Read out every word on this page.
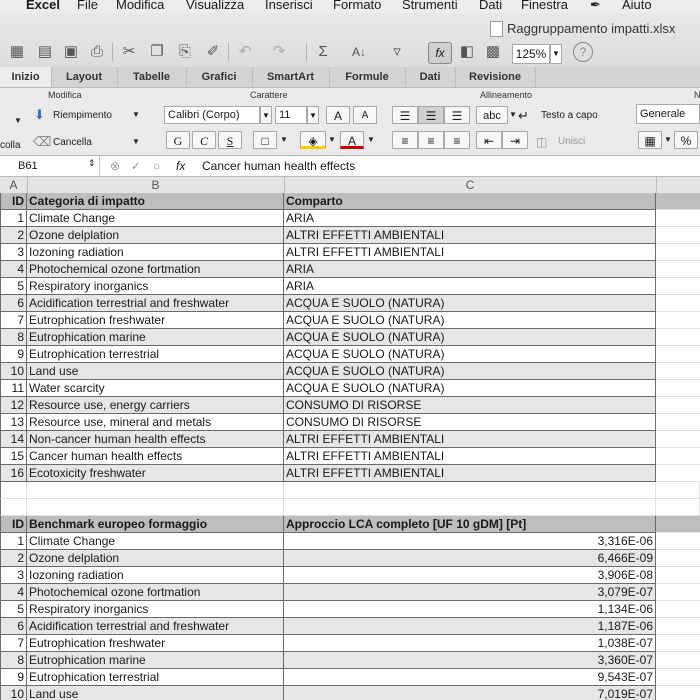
Excel File Modifica Visualizza Inserisci Formato Strumenti Dati Finestra ✒ Aiuto
Raggruppamento impatti.xlsx
▦ ▤ ▣ ⎙ ✂ ❐ ⎘ ✐ ↶ ↷ Σ	A↓	▿	fx	◧ ▩	125% ▼	?
Inizio	Layout	Tabelle	Grafici	SmartArt	Formule	Dati	Revisione
Modifica	Carattere	Allineamento	N
colla
▼ ⬇ Riempimento	▼
⌫ Cancella	▼
Calibri (Corpo)	▼ 11	▼	A	A
G	C	S	□	▼	◈	▼	A	▼
☰	☰	☰	abc	▼ ↵ Testo a capo
≡	≡	≡	⇤	⇥	◫ Unisci
Generale
▦	▼ %
B61	⇕ ⊗ ✓ ○ fx Cancer human health effects
A	B	C
ID Categoria di impatto	Comparto
1 Climate Change	ARIA
2 Ozone delplation	ALTRI EFFETTI AMBIENTALI
3 Iozoning radiation	ALTRI EFFETTI AMBIENTALI
4 Photochemical ozone fortmation	ARIA
5 Respiratory inorganics	ARIA
6 Acidification terrestrial and freshwater	ACQUA E SUOLO (NATURA)
7 Eutrophication freshwater	ACQUA E SUOLO (NATURA)
8 Eutrophication marine	ACQUA E SUOLO (NATURA)
9 Eutrophication terrestrial	ACQUA E SUOLO (NATURA)
10 Land use	ACQUA E SUOLO (NATURA)
11 Water scarcity	ACQUA E SUOLO (NATURA)
12 Resource use, energy carriers	CONSUMO DI RISORSE
13 Resource use, mineral and metals	CONSUMO DI RISORSE
14 Non-cancer human health effects	ALTRI EFFETTI AMBIENTALI
15 Cancer human health effects	ALTRI EFFETTI AMBIENTALI
16 Ecotoxicity freshwater	ALTRI EFFETTI AMBIENTALI
ID Benchmark europeo formaggio	Approccio LCA completo [UF 10 gDM] [Pt]
1 Climate Change	3,316E-06
2 Ozone delplation	6,466E-09
3 Iozoning radiation	3,906E-08
4 Photochemical ozone fortmation	3,079E-07
5 Respiratory inorganics	1,134E-06
6 Acidification terrestrial and freshwater	1,187E-06
7 Eutrophication freshwater	1,038E-07
8 Eutrophication marine	3,360E-07
9 Eutrophication terrestrial	9,543E-07
10 Land use	7,019E-07
